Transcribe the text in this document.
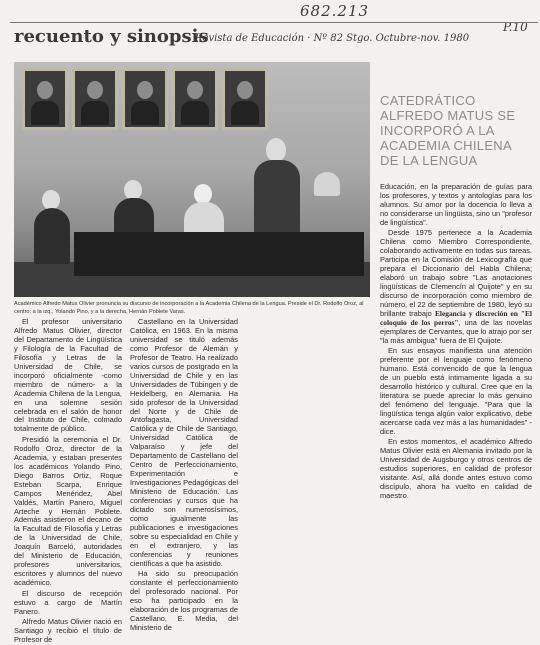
682.213
P.10
recuento y sinopsis
Revista de Educación · Nº 82 Stgo. Octubre-nov. 1980
Académico Alfredo Matus Olivier pronuncia su discurso de incorporación a la Academia Chilena de la Lengua. Preside el Dr. Rodolfo Oroz, al centro; a la izq., Yolando Pino, y a la derecha, Hernán Poblete Varas.
CATEDRÁTICO ALFREDO MATUS SE INCORPORÓ A LA ACADEMIA CHILENA DE LA LENGUA

El profesor universitario Alfredo Matus Olivier, director del Departamento de Lingüística y Filología de la Facultad de Filosofía y Letras de la Universidad de Chile, se incorporó oficialmente -como miembro de número- a la Academia Chilena de la Lengua, en una solemne sesión celebrada en el salón de honor del Instituto de Chile, colmado totalmente de público.

Presidió la ceremonia el Dr. Rodolfo Oroz, director de la Academia, y estaban presentes los académicos Yolando Pino, Diego Barros Ortiz, Roque Esteban Scarpa, Enrique Campos Menéndez, Abel Valdés, Martín Panero, Miguel Arteche y Hernán Poblete. Además asistieron el decano de la Facultad de Filosofía y Letras de la Universidad de Chile, Joaquín Barceló, autoridades del Ministerio de Educación, profesores universitarios, escritores y alumnos del nuevo académico.

El discurso de recepción estuvo a cargo de Martín Panero.

Alfredo Matus Olivier nació en Santiago y recibió el título de Profesor de

Castellano en la Universidad Católica, en 1963. En la misma universidad se tituló además como Profesor de Alemán y Profesor de Teatro. Ha realizado varios cursos de postgrado en la Universidad de Chile y en las Universidades de Tübingen y de Heidelberg, en Alemania. Ha sido profesor de la Universidad del Norte y de Chile de Antofagasta, Universidad Católica y de Chile de Santiago, Universidad Católica de Valparaíso y jefe del Departamento de Castellano del Centro de Perfeccionamiento, Experimentación e Investigaciones Pedagógicas del Ministerio de Educación. Las conferencias y cursos que ha dictado son numerosísimos, como igualmente las publicaciones e investigaciones sobre su especialidad en Chile y en el extranjero, y las conferencias y reuniones científicas a que ha asistido.

Ha sido su preocupación constante el perfeccionamiento del profesorado nacional. Por eso ha participado en la elaboración de los programas de Castellano, E. Media, del Ministerio de

Educación, en la preparación de guías para los profesores, y textos y antologías para los alumnos. Su amor por la docencia lo lleva a no considerarse un lingüista, sino un "profesor de lingüística".

Desde 1975 pertenece a la Academia Chilena como Miembro Correspondiente, colaborando activamente en todas sus tareas. Participa en la Comisión de Lexicografía que prepara el Diccionario del Habla Chilena; elaboró un trabajo sobre "Las anotaciones lingüísticas de Clemencín al Quijote" y en su discurso de incorporación como miembro de número, el 22 de septiembre de 1980, leyó su brillante trabajo Elegancia y discreción en "El coloquio de los perros", una de las novelas ejemplares de Cervantes, que lo atrajo por ser "la más ambigua" fuera de El Quijote.

En sus ensayos manifiesta una atención preferente por el lenguaje como fenómeno humano. Está convencido de que la lengua de un pueblo está íntimamente ligada a su desarrollo histórico y cultural. Cree que en la literatura se puede apreciar lo más genuino del fenómeno del lenguaje. "Para que la lingüística tenga algún valor explicativo, debe acercarse cada vez más a las humanidades" -dice.

En estos momentos, el académico Alfredo Matus Olivier está en Alemania invitado por la Universidad de Augsburgo y otros centros de estudios superiores, en calidad de profesor visitante. Así, allá donde antes estuvo como discípulo, ahora ha vuelto en calidad de maestro.
